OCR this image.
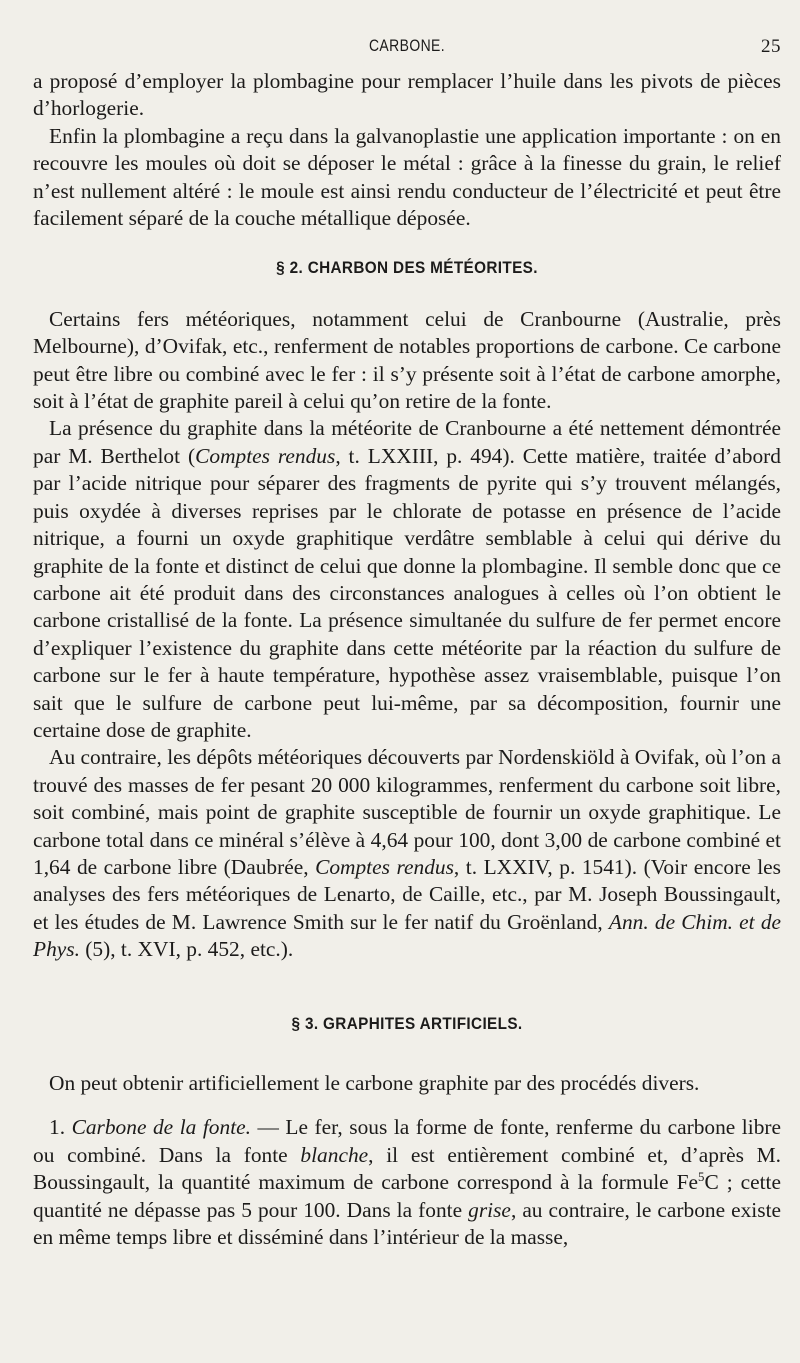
CARBONE.	25

a proposé d’employer la plombagine pour remplacer l’huile dans les pivots de pièces d’horlogerie.

Enfin la plombagine a reçu dans la galvanoplastie une application importante : on en recouvre les moules où doit se déposer le métal : grâce à la finesse du grain, le relief n’est nullement altéré : le moule est ainsi rendu conducteur de l’électricité et peut être facilement séparé de la couche métallique déposée.

§ 2. CHARBON DES MÉTÉORITES.

Certains fers météoriques, notamment celui de Cranbourne (Australie, près Melbourne), d’Ovifak, etc., renferment de notables proportions de carbone. Ce carbone peut être libre ou combiné avec le fer : il s’y présente soit à l’état de carbone amorphe, soit à l’état de graphite pareil à celui qu’on retire de la fonte.

La présence du graphite dans la météorite de Cranbourne a été nettement démontrée par M. Berthelot (Comptes rendus, t. LXXIII, p. 494). Cette matière, traitée d’abord par l’acide nitrique pour séparer des fragments de pyrite qui s’y trouvent mélangés, puis oxydée à diverses reprises par le chlorate de potasse en présence de l’acide nitrique, a fourni un oxyde graphitique verdâtre semblable à celui qui dérive du graphite de la fonte et distinct de celui que donne la plombagine. Il semble donc que ce carbone ait été produit dans des circonstances analogues à celles où l’on obtient le carbone cristallisé de la fonte. La présence simultanée du sulfure de fer permet encore d’expliquer l’existence du graphite dans cette météorite par la réaction du sulfure de carbone sur le fer à haute température, hypothèse assez vraisemblable, puisque l’on sait que le sulfure de carbone peut lui-même, par sa décomposition, fournir une certaine dose de graphite.

Au contraire, les dépôts météoriques découverts par Nordenskiöld à Ovifak, où l’on a trouvé des masses de fer pesant 20 000 kilogrammes, renferment du carbone soit libre, soit combiné, mais point de graphite susceptible de fournir un oxyde graphitique. Le carbone total dans ce minéral s’élève à 4,64 pour 100, dont 3,00 de carbone combiné et 1,64 de carbone libre (Daubrée, Comptes rendus, t. LXXIV, p. 1541). (Voir encore les analyses des fers météoriques de Lenarto, de Caille, etc., par M. Joseph Boussingault, et les études de M. Lawrence Smith sur le fer natif du Groënland, Ann. de Chim. et de Phys. (5), t. XVI, p. 452, etc.).

§ 3. GRAPHITES ARTIFICIELS.

On peut obtenir artificiellement le carbone graphite par des procédés divers.

1. Carbone de la fonte. — Le fer, sous la forme de fonte, renferme du carbone libre ou combiné. Dans la fonte blanche, il est entièrement combiné et, d’après M. Boussingault, la quantité maximum de carbone correspond à la formule Fe$^5$C ; cette quantité ne dépasse pas 5 pour 100. Dans la fonte grise, au contraire, le carbone existe en même temps libre et disséminé dans l’intérieur de la masse,
